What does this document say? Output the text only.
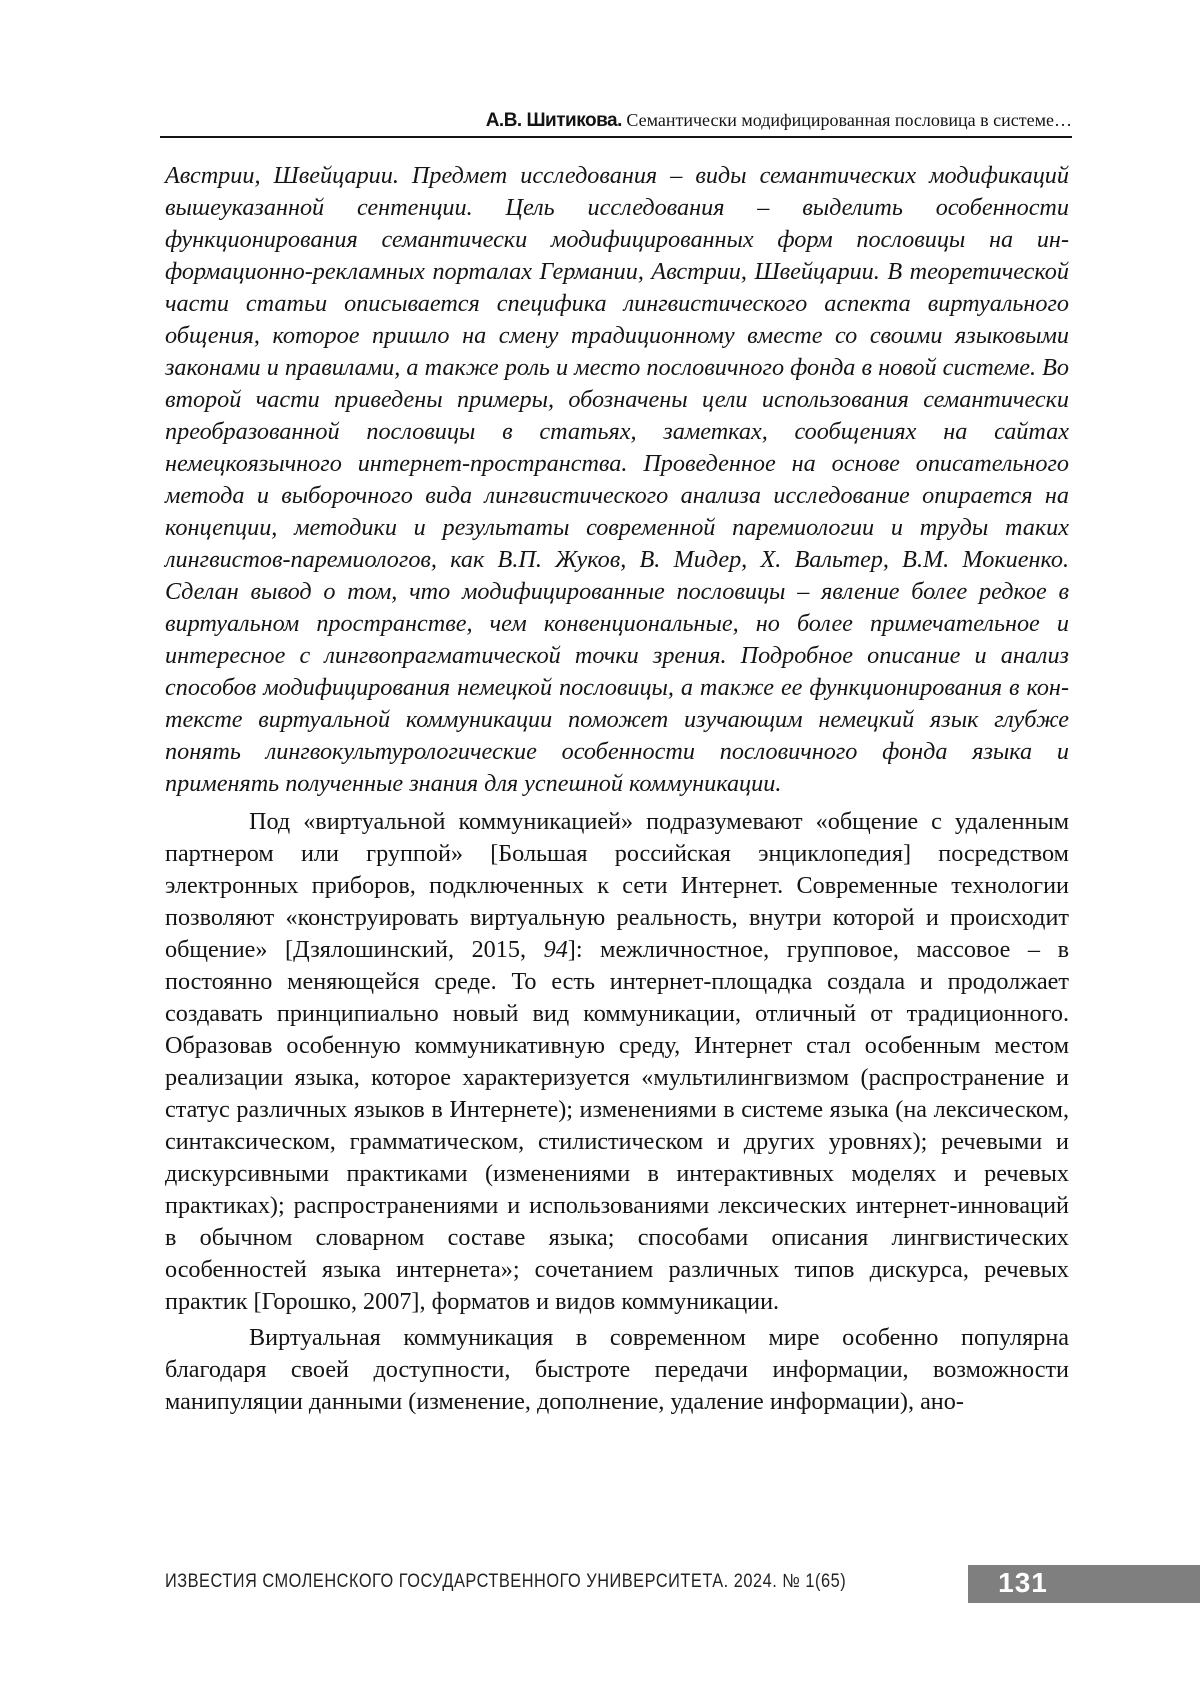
А.В. Шитикова. Семантически модифицированная пословица в системе…

Австрии, Швейцарии. Предмет исследования – виды семантических модификаций вышеуказанной сентенции. Цель исследования – выделить особенности функционирования семантически модифицированных форм пословицы на информационно-рекламных порталах Германии, Австрии, Швейцарии. В теоретической части статьи описывается специфика лингвистического аспекта виртуального общения, которое пришло на смену традиционному вместе со своими языковыми законами и правилами, а также роль и место пословичного фонда в новой системе. Во второй части приведены примеры, обозначены цели использования семантически преобразованной пословицы в статьях, заметках, сообщениях на сайтах немецкоязычного интернет-пространства. Проведенное на основе описательного метода и выборочного вида лингвистического анализа исследование опирается на концепции, методики и результаты современной паремиологии и труды таких лингвистов-паремиологов, как В.П. Жуков, В. Мидер, Х. Вальтер, В.М. Мокиенко. Сделан вывод о том, что модифицированные пословицы – явление более редкое в виртуальном пространстве, чем конвенциональные, но более примечательное и интересное с лингвопрагматической точки зрения. Подробное описание и анализ способов модифицирования немецкой пословицы, а также ее функционирования в контексте виртуальной коммуникации поможет изучающим немецкий язык глубже понять лингвокультурологические особенности пословичного фонда языка и применять полученные знания для успешной коммуникации.

Под «виртуальной коммуникацией» подразумевают «общение с удаленным партнером или группой» [Большая российская энциклопедия] посредством электронных приборов, подключенных к сети Интернет. Современные технологии позволяют «конструировать виртуальную реальность, внутри которой и происходит общение» [Дзялошинский, 2015, 94]: межличностное, групповое, массовое – в постоянно меняющейся среде. То есть интернет-площадка создала и продолжает создавать принципиально новый вид коммуникации, отличный от традиционного. Образовав особенную коммуникативную среду, Интернет стал особенным местом реализации языка, которое характеризуется «мультилингвизмом (распространение и статус различных языков в Интернете); изменениями в системе языка (на лексическом, синтаксическом, грамматическом, стилистическом и других уровнях); речевыми и дискурсивными практиками (изменениями в интерактивных моделях и речевых практиках); распространениями и использованиями лексических интернет-инноваций в обычном словарном составе языка; способами описания лингвистических особенностей языка интернета»; сочетанием различных типов дискурса, речевых практик [Горошко, 2007], форматов и видов коммуникации.

Виртуальная коммуникация в современном мире особенно популярна благодаря своей доступности, быстроте передачи информации, возможности манипуляции данными (изменение, дополнение, удаление информации), ано-

ИЗВЕСТИЯ СМОЛЕНСКОГО ГОСУДАРСТВЕННОГО УНИВЕРСИТЕТА. 2024. № 1(65)	131
